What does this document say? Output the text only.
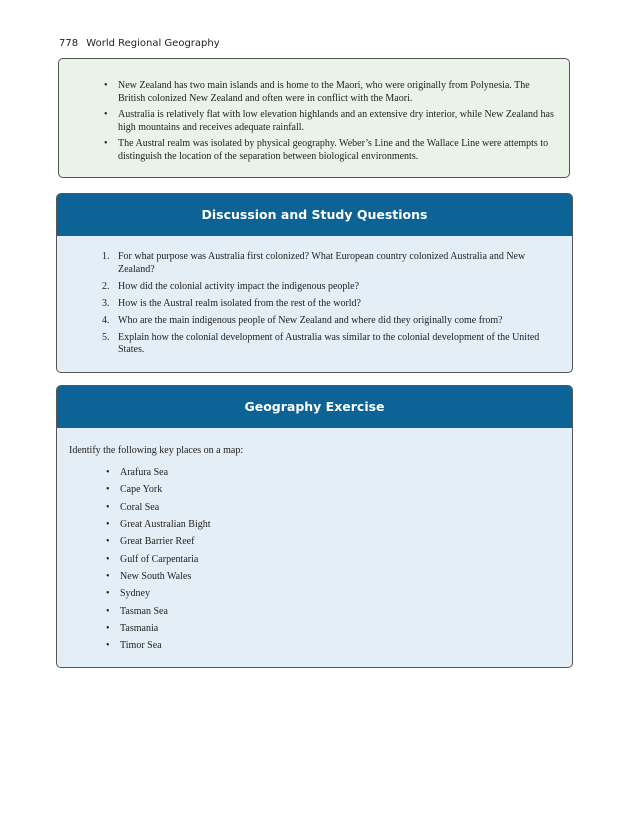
778 World Regional Geography
• New Zealand has two main islands and is home to the Maori, who were originally from Polynesia. The British colonized New Zealand and often were in conflict with the Maori.
• Australia is relatively flat with low elevation highlands and an extensive dry interior, while New Zealand has high mountains and receives adequate rainfall.
• The Austral realm was isolated by physical geography. Weber’s Line and the Wallace Line were attempts to distinguish the location of the separation between biological environments.
Discussion and Study Questions
1. For what purpose was Australia first colonized? What European country colonized Australia and New Zealand?
2. How did the colonial activity impact the indigenous people?
3. How is the Austral realm isolated from the rest of the world?
4. Who are the main indigenous people of New Zealand and where did they originally come from?
5. Explain how the colonial development of Australia was similar to the colonial development of the United States.
Geography Exercise
Identify the following key places on a map:
• Arafura Sea
• Cape York
• Coral Sea
• Great Australian Bight
• Great Barrier Reef
• Gulf of Carpentaria
• New South Wales
• Sydney
• Tasman Sea
• Tasmania
• Timor Sea
